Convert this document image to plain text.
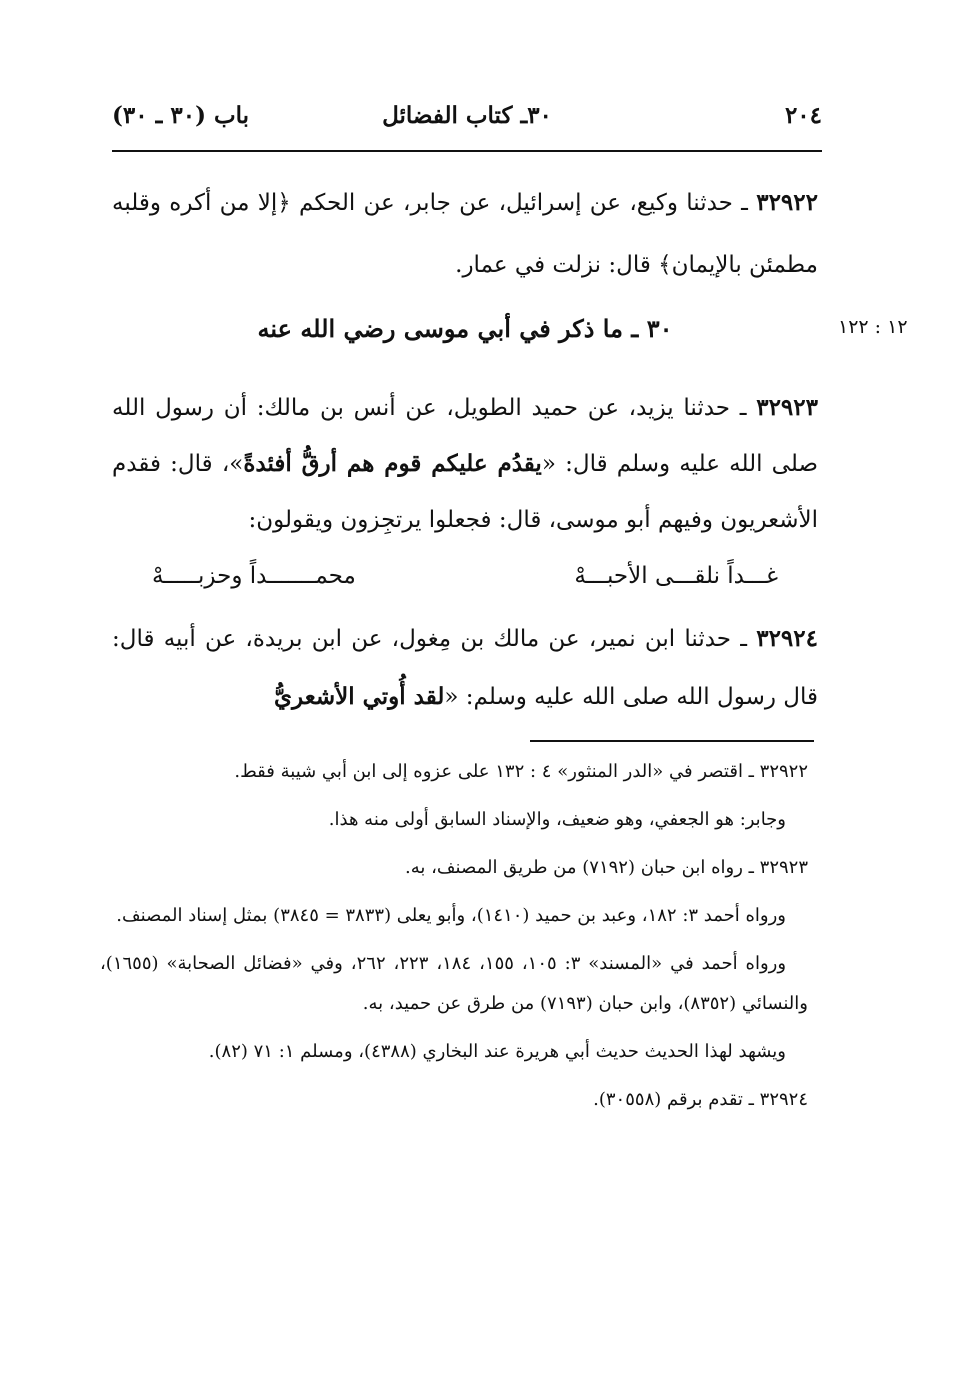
٢٠٤
٣٠ـ كتاب الفضائل
باب (٣٠ ـ ٣٠)

٣٢٩٢٢ ـ حدثنا وكيع، عن إسرائيل، عن جابر، عن الحكم ﴿إلا من أكره وقلبه مطمئن بالإيمان﴾ قال: نزلت في عمار.

٣٠ ـ ما ذكر في أبي موسى رضي الله عنه	١٢ : ١٢٢

٣٢٩٢٣ ـ حدثنا يزيد، عن حميد الطويل، عن أنس بن مالك: أن رسول الله صلى الله عليه وسلم قال: «يقدُم عليكم قوم هم أرقُّ أفئدةً»، قال: فقدم الأشعريون وفيهم أبو موسى، قال: فجعلوا يرتجِزون ويقولون:

غـــداً نلقـــى الأحبـــهْ
محمـــــــداً وحزبـــــهْ

٣٢٩٢٤ ـ حدثنا ابن نمير، عن مالك بن مِغول، عن ابن بريدة، عن أبيه قال: قال رسول الله صلى الله عليه وسلم: «لقد أُوتي الأشعريُّ

٣٢٩٢٢ ـ اقتصر في «الدر المنثور» ٤ : ١٣٢ على عزوه إلى ابن أبي شيبة فقط.

وجابر: هو الجعفي، وهو ضعيف، والإسناد السابق أولى منه هذا.

٣٢٩٢٣ ـ رواه ابن حبان (٧١٩٢) من طريق المصنف، به.

ورواه أحمد ٣: ١٨٢، وعبد بن حميد (١٤١٠)، وأبو يعلى (٣٨٣٣ = ٣٨٤٥) بمثل إسناد المصنف.

ورواه أحمد في «المسند» ٣: ١٠٥، ١٥٥، ١٨٤، ٢٢٣، ٢٦٢، وفي «فضائل الصحابة» (١٦٥٥)، والنسائي (٨٣٥٢)، وابن حبان (٧١٩٣) من طرق عن حميد، به.

ويشهد لهذا الحديث حديث أبي هريرة عند البخاري (٤٣٨٨)، ومسلم ١: ٧١ (٨٢).

٣٢٩٢٤ ـ تقدم برقم (٣٠٥٥٨).
